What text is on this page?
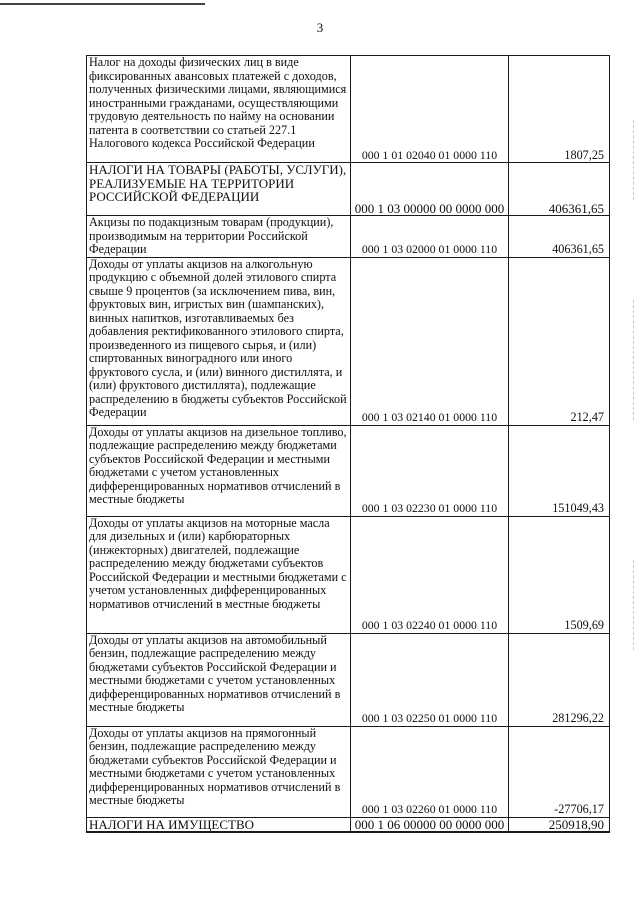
3
Налог на доходы физических лиц в виде фиксированных авансовых платежей с доходов, полученных физическими лицами, являющимися иностранными гражданами, осуществляющими трудовую деятельность по найму на основании патента в соответствии со статьей 227.1 Налогового кодекса Российской Федерации	000 1 01 02040 01 0000 110	1807,25
НАЛОГИ НА ТОВАРЫ (РАБОТЫ, УСЛУГИ), РЕАЛИЗУЕМЫЕ НА ТЕРРИТОРИИ РОССИЙСКОЙ ФЕДЕРАЦИИ	000 1 03 00000 00 0000 000	406361,65
Акцизы по подакцизным товарам (продукции), производимым на территории Российской Федерации	000 1 03 02000 01 0000 110	406361,65
Доходы от уплаты акцизов на алкогольную продукцию с объемной долей этилового спирта свыше 9 процентов (за исключением пива, вин, фруктовых вин, игристых вин (шампанских), винных напитков, изготавливаемых без добавления ректификованного этилового спирта, произведенного из пищевого сырья, и (или) спиртованных виноградного или иного фруктового сусла, и (или) винного дистиллята, и (или) фруктового дистиллята), подлежащие распределению в бюджеты субъектов Российской Федерации	000 1 03 02140 01 0000 110	212,47
Доходы от уплаты акцизов на дизельное топливо, подлежащие распределению между бюджетами субъектов Российской Федерации и местными бюджетами с учетом установленных дифференцированных нормативов отчислений в местные бюджеты	000 1 03 02230 01 0000 110	151049,43
Доходы от уплаты акцизов на моторные масла для дизельных и (или) карбюраторных (инжекторных) двигателей, подлежащие распределению между бюджетами субъектов Российской Федерации и местными бюджетами с учетом установленных дифференцированных нормативов отчислений в местные бюджеты	000 1 03 02240 01 0000 110	1509,69
Доходы от уплаты акцизов на автомобильный бензин, подлежащие распределению между бюджетами субъектов Российской Федерации и местными бюджетами с учетом установленных дифференцированных нормативов отчислений в местные бюджеты	000 1 03 02250 01 0000 110	281296,22
Доходы от уплаты акцизов на прямогонный бензин, подлежащие распределению между бюджетами субъектов Российской Федерации и местными бюджетами с учетом установленных дифференцированных нормативов отчислений в местные бюджеты	000 1 03 02260 01 0000 110	-27706,17
НАЛОГИ НА ИМУЩЕСТВО	000 1 06 00000 00 0000 000	250918,90
